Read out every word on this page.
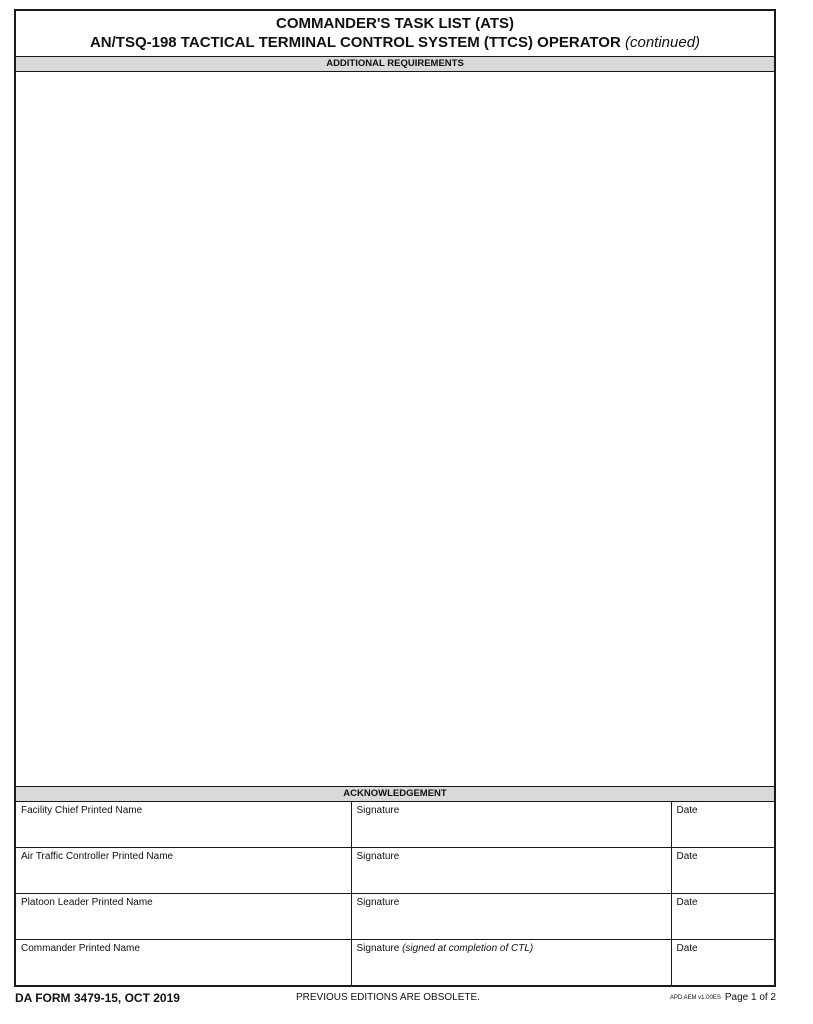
COMMANDER'S TASK LIST (ATS)
AN/TSQ-198 TACTICAL TERMINAL CONTROL SYSTEM (TTCS) OPERATOR (continued)
ADDITIONAL REQUIREMENTS
ACKNOWLEDGEMENT
Facility Chief Printed Name	Signature	Date
Air Traffic Controller Printed Name	Signature	Date
Platoon Leader Printed Name	Signature	Date
Commander Printed Name	Signature (signed at completion of CTL)	Date
DA FORM 3479-15, OCT 2019	PREVIOUS EDITIONS ARE OBSOLETE.	APD AEM v1.00ES Page 1 of 2
